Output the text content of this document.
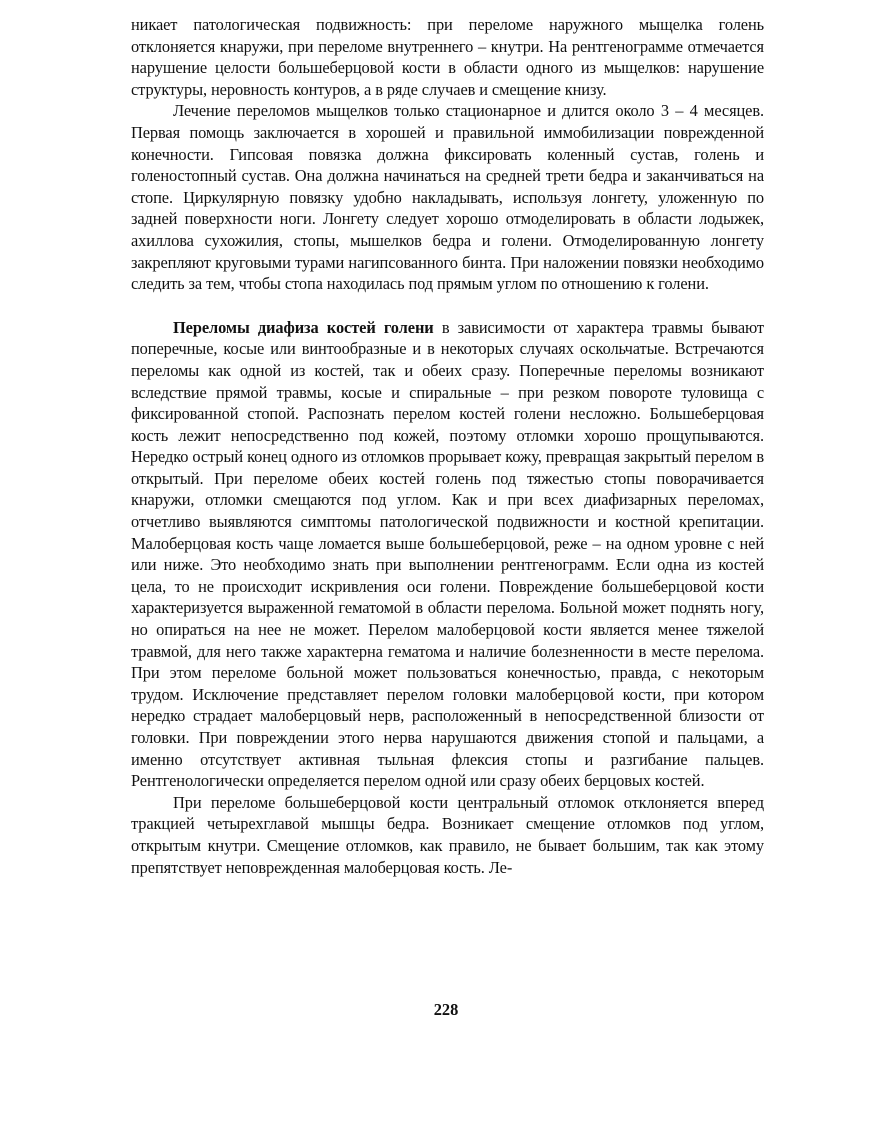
никает патологическая подвижность: при переломе наружного мыщелка голень отклоняется кнаружи, при переломе внутреннего – кнутри. На рентгенограмме отмечается нарушение целости большеберцовой кости в области одного из мыщелков: нарушение структуры, неровность контуров, а в ряде случаев и смещение книзу.

Лечение переломов мыщелков только стационарное и длится около 3 – 4 месяцев. Первая помощь заключается в хорошей и правильной иммобилизации поврежденной конечности. Гипсовая повязка должна фиксировать коленный сустав, голень и голеностопный сустав. Она должна начинаться на средней трети бедра и заканчиваться на стопе. Циркулярную повязку удобно накладывать, используя лонгету, уложенную по задней поверхности ноги. Лонгету следует хорошо отмоделировать в области лодыжек, ахиллова сухожилия, стопы, мышелков бедра и голени. Отмоделированную лонгету закрепляют круговыми турами нагипсованного бинта. При наложении повязки необходимо следить за тем, чтобы стопа находилась под прямым углом по отношению к голени.

Переломы диафиза костей голени в зависимости от характера травмы бывают поперечные, косые или винтообразные и в некоторых случаях оскольчатые. Встречаются переломы как одной из костей, так и обеих сразу. Поперечные переломы возникают вследствие прямой травмы, косые и спиральные – при резком повороте туловища с фиксированной стопой. Распознать перелом костей голени несложно. Большеберцовая кость лежит непосредственно под кожей, поэтому отломки хорошо прощупываются. Нередко острый конец одного из отломков прорывает кожу, превращая закрытый перелом в открытый. При переломе обеих костей голень под тяжестью стопы поворачивается кнаружи, отломки смещаются под углом. Как и при всех диафизарных переломах, отчетливо выявляются симптомы патологической подвижности и костной крепитации. Малоберцовая кость чаще ломается выше большеберцовой, реже – на одном уровне с ней или ниже. Это необходимо знать при выполнении рентгенограмм. Если одна из костей цела, то не происходит искривления оси голени. Повреждение большеберцовой кости характеризуется выраженной гематомой в области перелома. Больной может поднять ногу, но опираться на нее не может. Перелом малоберцовой кости является менее тяжелой травмой, для него также характерна гематома и наличие болезненности в месте перелома. При этом переломе больной может пользоваться конечностью, правда, с некоторым трудом. Исключение представляет перелом головки малоберцовой кости, при котором нередко страдает малоберцовый нерв, расположенный в непосредственной близости от головки. При повреждении этого нерва нарушаются движения стопой и пальцами, а именно отсутствует активная тыльная флексия стопы и разгибание пальцев. Рентгенологически определяется перелом одной или сразу обеих берцовых костей.

При переломе большеберцовой кости центральный отломок отклоняется вперед тракцией четырехглавой мышцы бедра. Возникает смещение отломков под углом, открытым кнутри. Смещение отломков, как правило, не бывает большим, так как этому препятствует неповрежденная малоберцовая кость. Ле-

228
